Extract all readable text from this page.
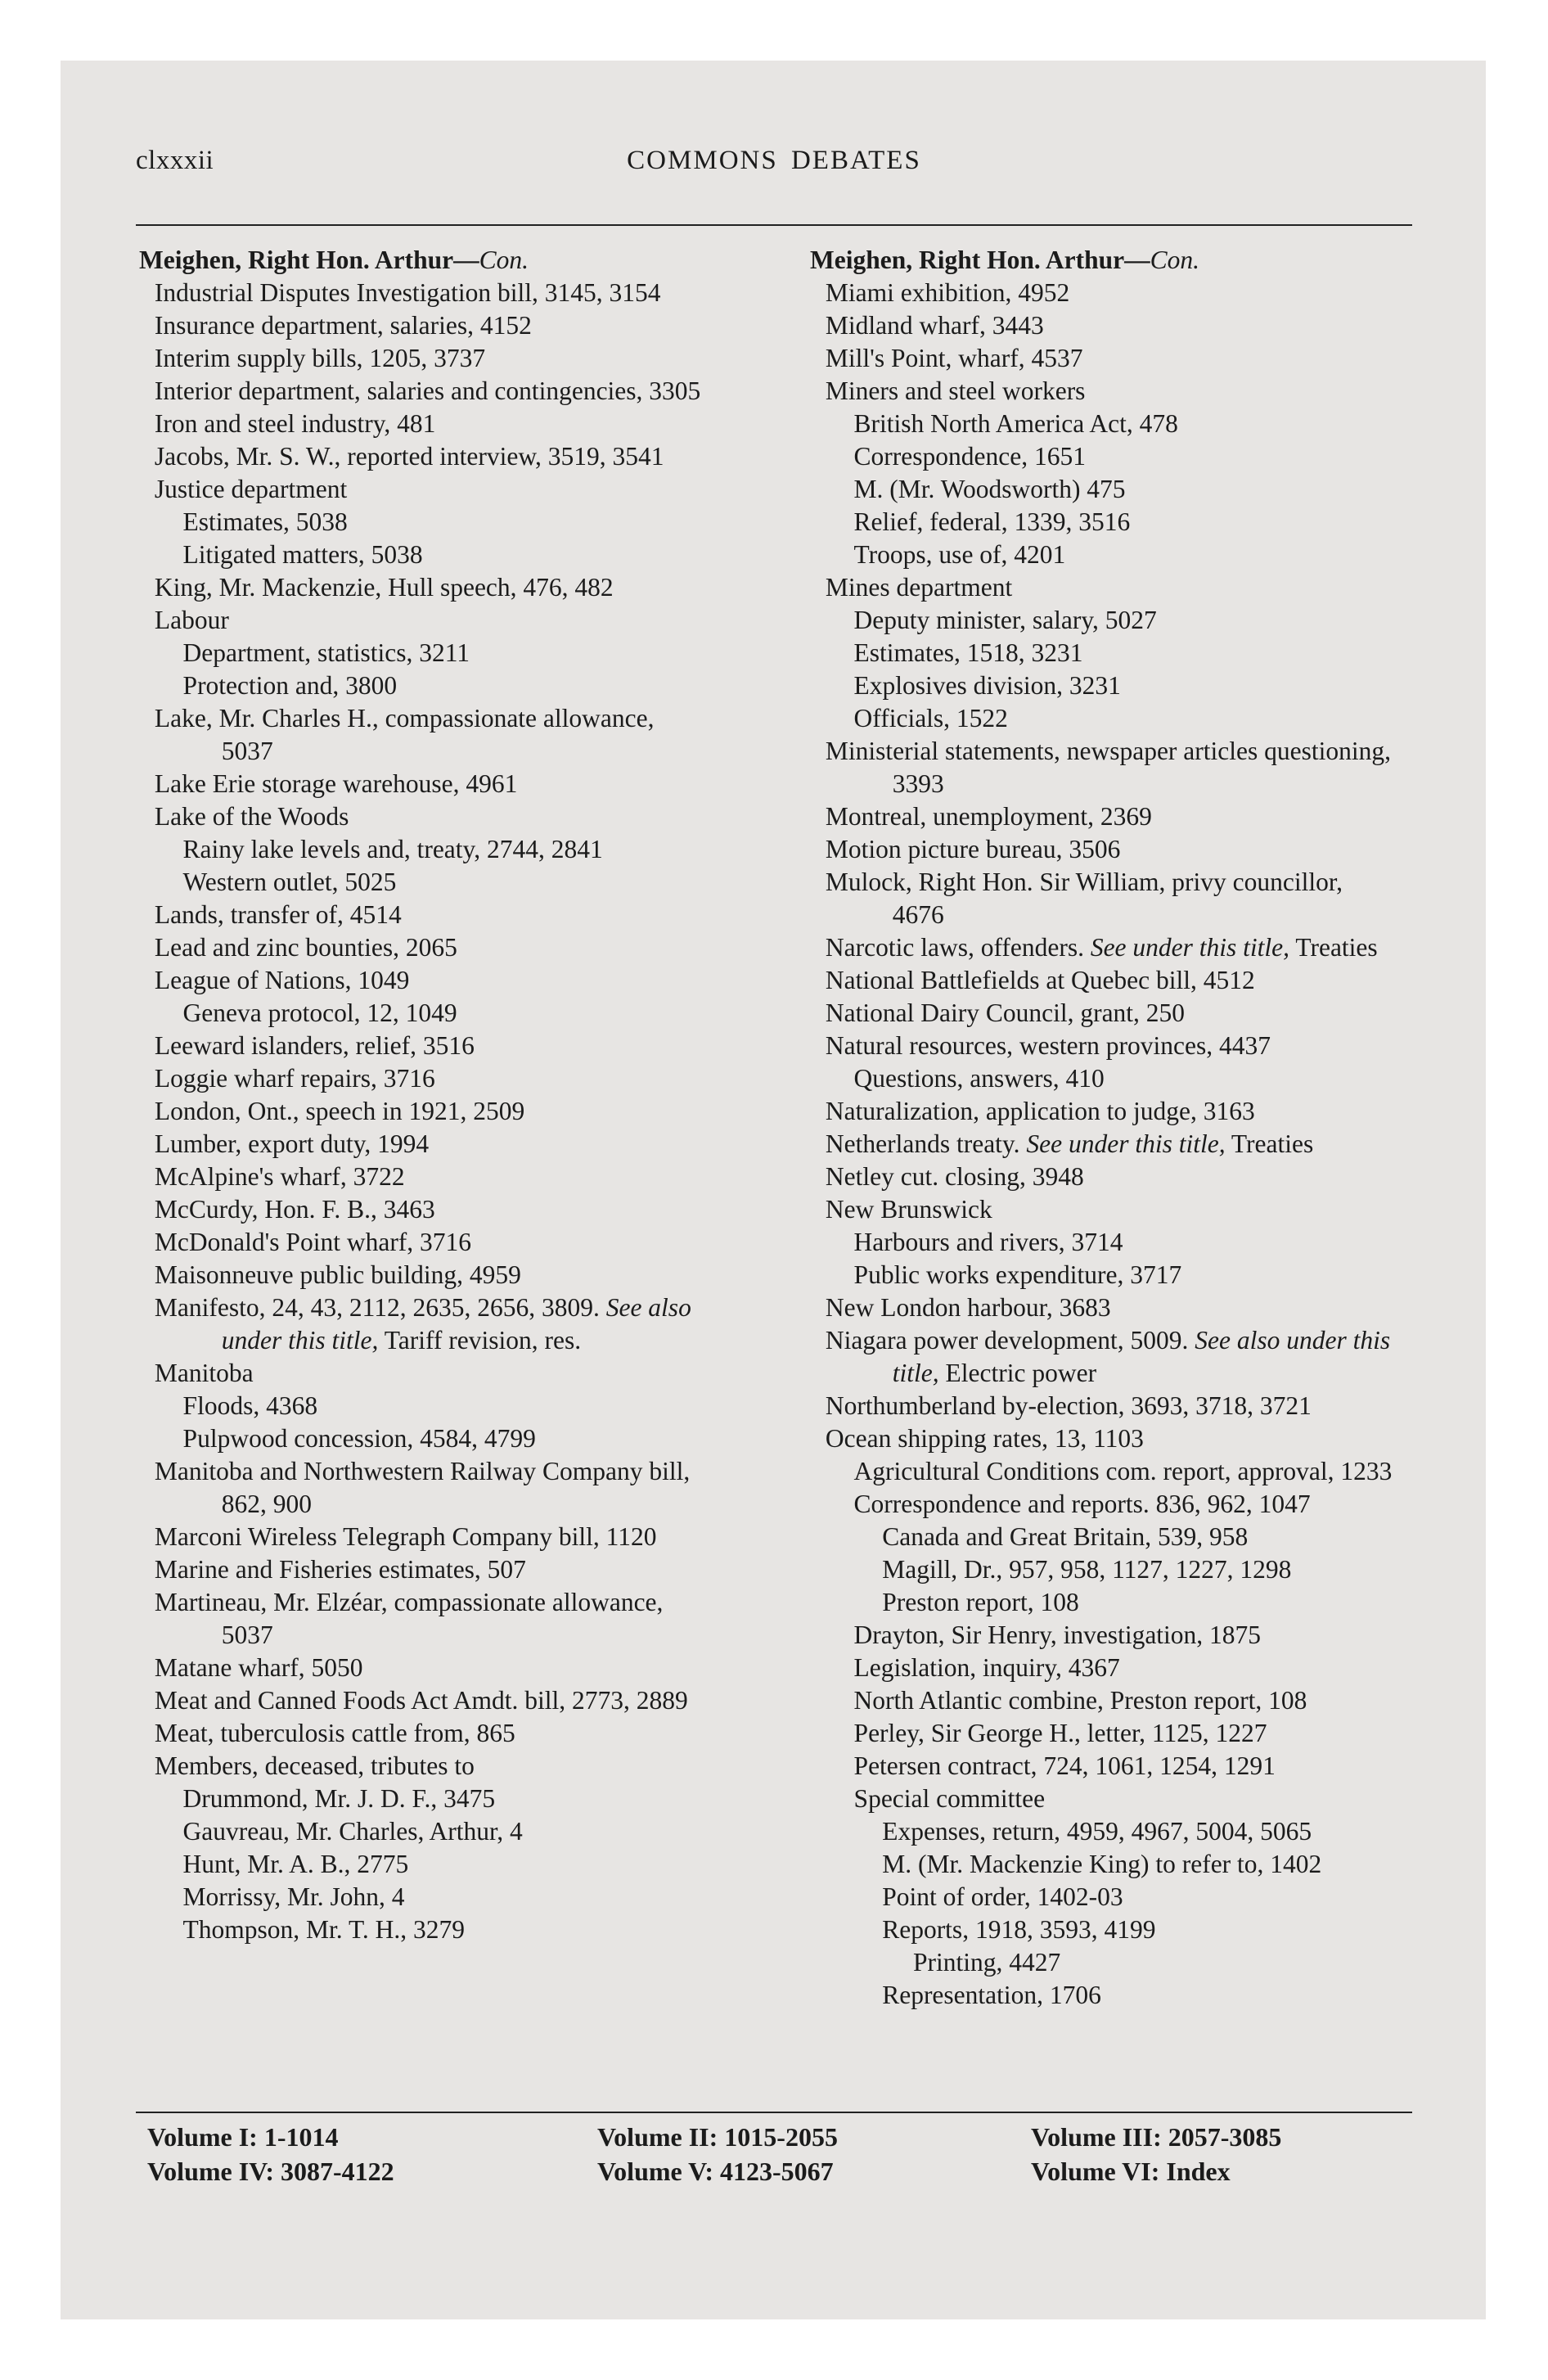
clxxxii	COMMONS DEBATES
Meighen, Right Hon. Arthur—Con.
Industrial Disputes Investigation bill, 3145, 3154
Insurance department, salaries, 4152
Interim supply bills, 1205, 3737
Interior department, salaries and contingencies, 3305
Iron and steel industry, 481
Jacobs, Mr. S. W., reported interview, 3519, 3541
Justice department
Estimates, 5038
Litigated matters, 5038
King, Mr. Mackenzie, Hull speech, 476, 482
Labour
Department, statistics, 3211
Protection and, 3800
Lake, Mr. Charles H., compassionate allowance, 5037
Lake Erie storage warehouse, 4961
Lake of the Woods
Rainy lake levels and, treaty, 2744, 2841
Western outlet, 5025
Lands, transfer of, 4514
Lead and zinc bounties, 2065
League of Nations, 1049
Geneva protocol, 12, 1049
Leeward islanders, relief, 3516
Loggie wharf repairs, 3716
London, Ont., speech in 1921, 2509
Lumber, export duty, 1994
McAlpine's wharf, 3722
McCurdy, Hon. F. B., 3463
McDonald's Point wharf, 3716
Maisonneuve public building, 4959
Manifesto, 24, 43, 2112, 2635, 2656, 3809. See also under this title, Tariff revision, res.
Manitoba
Floods, 4368
Pulpwood concession, 4584, 4799
Manitoba and Northwestern Railway Company bill, 862, 900
Marconi Wireless Telegraph Company bill, 1120
Marine and Fisheries estimates, 507
Martineau, Mr. Elzéar, compassionate allowance, 5037
Matane wharf, 5050
Meat and Canned Foods Act Amdt. bill, 2773, 2889
Meat, tuberculosis cattle from, 865
Members, deceased, tributes to
Drummond, Mr. J. D. F., 3475
Gauvreau, Mr. Charles, Arthur, 4
Hunt, Mr. A. B., 2775
Morrissy, Mr. John, 4
Thompson, Mr. T. H., 3279
Meighen, Right Hon. Arthur—Con.
Miami exhibition, 4952
Midland wharf, 3443
Mill's Point, wharf, 4537
Miners and steel workers
British North America Act, 478
Correspondence, 1651
M. (Mr. Woodsworth) 475
Relief, federal, 1339, 3516
Troops, use of, 4201
Mines department
Deputy minister, salary, 5027
Estimates, 1518, 3231
Explosives division, 3231
Officials, 1522
Ministerial statements, newspaper articles questioning, 3393
Montreal, unemployment, 2369
Motion picture bureau, 3506
Mulock, Right Hon. Sir William, privy councillor, 4676
Narcotic laws, offenders. See under this title, Treaties
National Battlefields at Quebec bill, 4512
National Dairy Council, grant, 250
Natural resources, western provinces, 4437
Questions, answers, 410
Naturalization, application to judge, 3163
Netherlands treaty. See under this title, Treaties
Netley cut. closing, 3948
New Brunswick
Harbours and rivers, 3714
Public works expenditure, 3717
New London harbour, 3683
Niagara power development, 5009. See also under this title, Electric power
Northumberland by-election, 3693, 3718, 3721
Ocean shipping rates, 13, 1103
Agricultural Conditions com. report, approval, 1233
Correspondence and reports. 836, 962, 1047
Canada and Great Britain, 539, 958
Magill, Dr., 957, 958, 1127, 1227, 1298
Preston report, 108
Drayton, Sir Henry, investigation, 1875
Legislation, inquiry, 4367
North Atlantic combine, Preston report, 108
Perley, Sir George H., letter, 1125, 1227
Petersen contract, 724, 1061, 1254, 1291
Special committee
Expenses, return, 4959, 4967, 5004, 5065
M. (Mr. Mackenzie King) to refer to, 1402
Point of order, 1402-03
Reports, 1918, 3593, 4199
Printing, 4427
Representation, 1706
Volume I: 1-1014	Volume II: 1015-2055	Volume III: 2057-3085
Volume IV: 3087-4122	Volume V: 4123-5067	Volume VI: Index
